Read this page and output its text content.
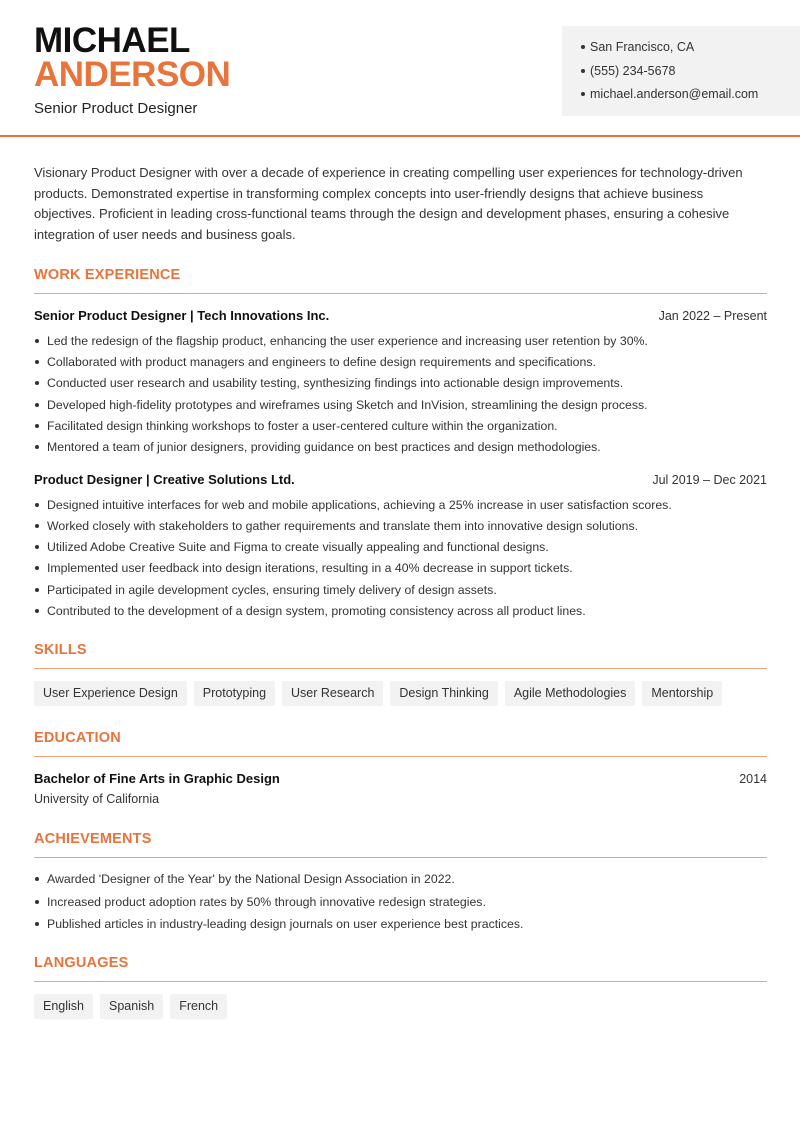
MICHAEL
ANDERSON
Senior Product Designer
San Francisco, CA
(555) 234-5678
michael.anderson@email.com

Visionary Product Designer with over a decade of experience in creating compelling user experiences for technology-driven products. Demonstrated expertise in transforming complex concepts into user-friendly designs that achieve business objectives. Proficient in leading cross-functional teams through the design and development phases, ensuring a cohesive integration of user needs and business goals.

WORK EXPERIENCE
Senior Product Designer | Tech Innovations Inc.	Jan 2022 – Present
Led the redesign of the flagship product, enhancing the user experience and increasing user retention by 30%.
Collaborated with product managers and engineers to define design requirements and specifications.
Conducted user research and usability testing, synthesizing findings into actionable design improvements.
Developed high-fidelity prototypes and wireframes using Sketch and InVision, streamlining the design process.
Facilitated design thinking workshops to foster a user-centered culture within the organization.
Mentored a team of junior designers, providing guidance on best practices and design methodologies.
Product Designer | Creative Solutions Ltd.	Jul 2019 – Dec 2021
Designed intuitive interfaces for web and mobile applications, achieving a 25% increase in user satisfaction scores.
Worked closely with stakeholders to gather requirements and translate them into innovative design solutions.
Utilized Adobe Creative Suite and Figma to create visually appealing and functional designs.
Implemented user feedback into design iterations, resulting in a 40% decrease in support tickets.
Participated in agile development cycles, ensuring timely delivery of design assets.
Contributed to the development of a design system, promoting consistency across all product lines.
SKILLS
User Experience Design	Prototyping	User Research	Design Thinking	Agile Methodologies	Mentorship
EDUCATION
Bachelor of Fine Arts in Graphic Design	2014
University of California
ACHIEVEMENTS
Awarded 'Designer of the Year' by the National Design Association in 2022.
Increased product adoption rates by 50% through innovative redesign strategies.
Published articles in industry-leading design journals on user experience best practices.
LANGUAGES
English	Spanish	French
